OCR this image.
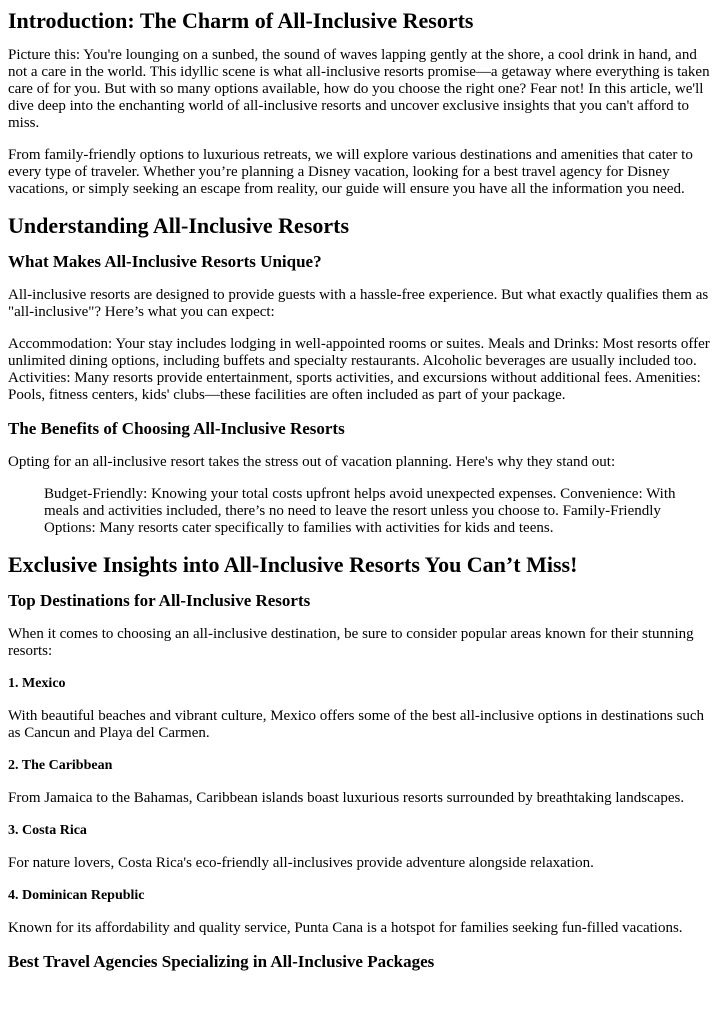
Introduction: The Charm of All-Inclusive Resorts

Picture this: You're lounging on a sunbed, the sound of waves lapping gently at the shore, a cool drink in hand, and not a care in the world. This idyllic scene is what all-inclusive resorts promise—a getaway where everything is taken care of for you. But with so many options available, how do you choose the right one? Fear not! In this article, we'll dive deep into the enchanting world of all-inclusive resorts and uncover exclusive insights that you can't afford to miss.

From family-friendly options to luxurious retreats, we will explore various destinations and amenities that cater to every type of traveler. Whether you’re planning a Disney vacation, looking for a best travel agency for Disney vacations, or simply seeking an escape from reality, our guide will ensure you have all the information you need.

Understanding All-Inclusive Resorts
What Makes All-Inclusive Resorts Unique?

All-inclusive resorts are designed to provide guests with a hassle-free experience. But what exactly qualifies them as "all-inclusive"? Here’s what you can expect:

Accommodation: Your stay includes lodging in well-appointed rooms or suites. Meals and Drinks: Most resorts offer unlimited dining options, including buffets and specialty restaurants. Alcoholic beverages are usually included too. Activities: Many resorts provide entertainment, sports activities, and excursions without additional fees. Amenities: Pools, fitness centers, kids' clubs—these facilities are often included as part of your package.

The Benefits of Choosing All-Inclusive Resorts

Opting for an all-inclusive resort takes the stress out of vacation planning. Here's why they stand out:

Budget-Friendly: Knowing your total costs upfront helps avoid unexpected expenses. Convenience: With meals and activities included, there’s no need to leave the resort unless you choose to. Family-Friendly Options: Many resorts cater specifically to families with activities for kids and teens.
Exclusive Insights into All-Inclusive Resorts You Can’t Miss!
Top Destinations for All-Inclusive Resorts

When it comes to choosing an all-inclusive destination, be sure to consider popular areas known for their stunning resorts:

1. Mexico

With beautiful beaches and vibrant culture, Mexico offers some of the best all-inclusive options in destinations such as Cancun and Playa del Carmen.

2. The Caribbean

From Jamaica to the Bahamas, Caribbean islands boast luxurious resorts surrounded by breathtaking landscapes.

3. Costa Rica

For nature lovers, Costa Rica's eco-friendly all-inclusives provide adventure alongside relaxation.

4. Dominican Republic

Known for its affordability and quality service, Punta Cana is a hotspot for families seeking fun-filled vacations.

Best Travel Agencies Specializing in All-Inclusive Packages
